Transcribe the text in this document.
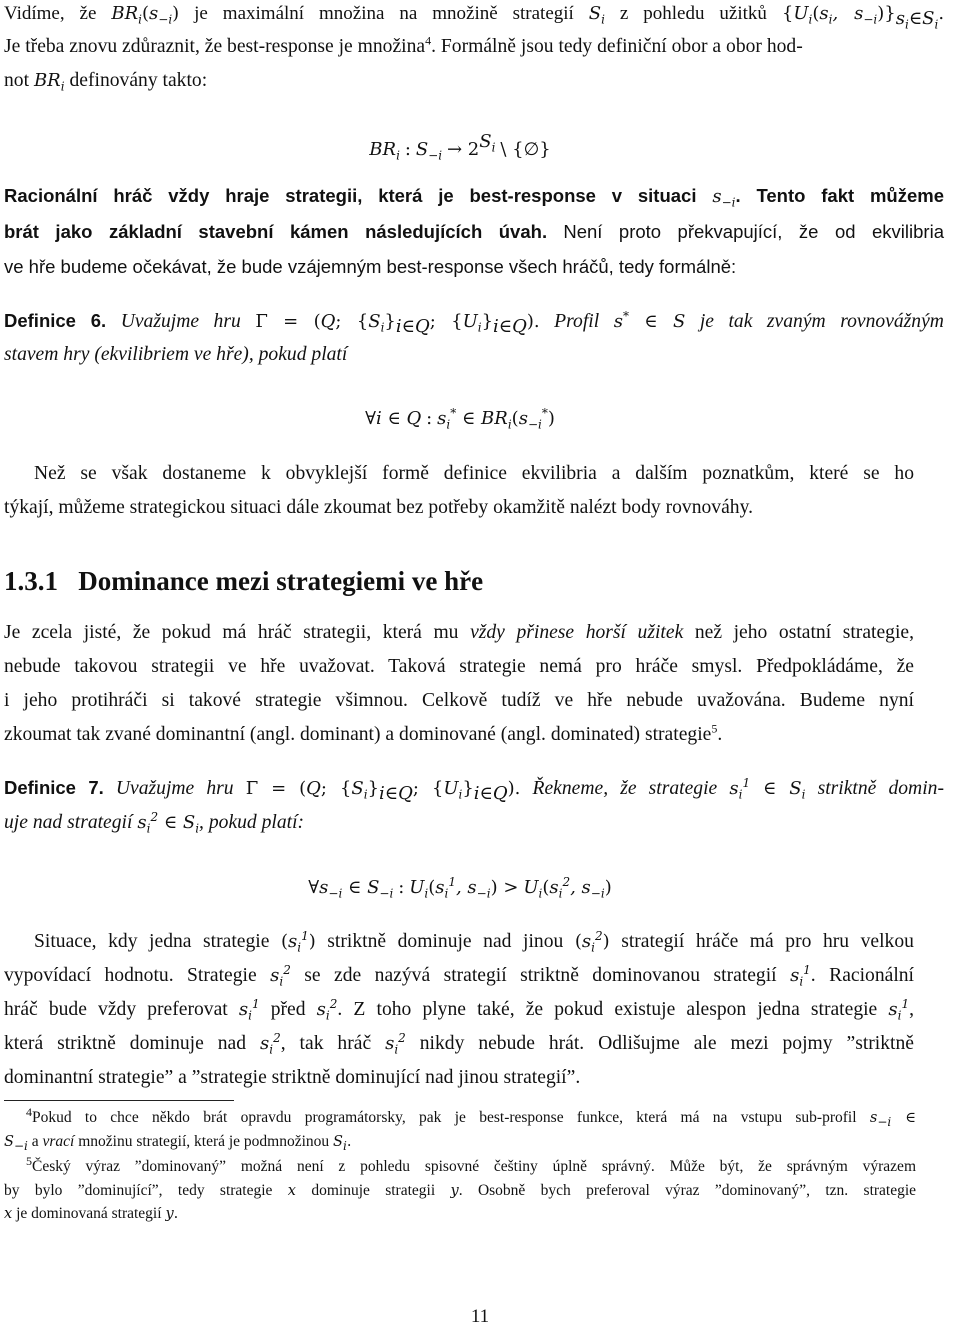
Vidíme, že $BR_i(s_{-i})$ je maximální množina na množině strategií $S_i$ z pohledu užitků {$U_i(s_i$, $s_{-i})\}_{s_i\in S_i}$.
Je třeba znovu zdůraznit, že best-response je množina$^4$. Formálně jsou tedy definiční obor a obor hod-
not $BR_i$ definovány takto:
$BR_i$ : $S_{-i} \to 2^{S_i}$ \ {∅}
Racionální hráč vždy hraje strategii, která je best-response v situaci $s_{-i}$. Tento fakt můžeme
brát jako základní stavební kámen následujících úvah. Není proto překvapující, že od ekvilibria
ve hře budeme očekávat, že bude vzájemným best-response všech hráčů, tedy formálně:
Definice 6. Uvažujme hru Γ = (Q; $\{S_i\}_{i\in Q}$; $\{U_i\}_{i\in Q}$). Profil s* ∈ S je tak zvaným rovnovážným
stavem hry (ekvilibriem ve hře), pokud platí
∀i ∈ Q : $s_i^*$ ∈ $BR_i(s_{-i}^*)$
Než se však dostaneme k obvyklejší formě definice ekvilibria a dalším poznatkům, které se ho
týkají, můžeme strategickou situaci dále zkoumat bez potřeby okamžitě nalézt body rovnováhy.
1.3.1 Dominance mezi strategiemi ve hře
Je zcela jisté, že pokud má hráč strategii, která mu vždy přinese horší užitek než jeho ostatní strategie,
nebude takovou strategii ve hře uvažovat. Taková strategie nemá pro hráče smysl. Předpokládáme, že
i jeho protihráči si takové strategie všimnou. Celkově tudíž ve hře nebude uvažována. Budeme nyní
zkoumat tak zvané dominantní (angl. dominant) a dominované (angl. dominated) strategie$^5$.
Definice 7. Uvažujme hru Γ = (Q; $\{S_i\}_{i\in Q}$; $\{U_i\}_{i\in Q}$). Řekneme, že strategie $s_i^1$ ∈ $S_i$ striktně domin-
uje nad strategií $s_i^2$ ∈ $S_i$, pokud platí:
$\forall s_{-i}$ ∈ $S_{-i}$ : $U_i(s_i^1$, $s_{-i}) > U_i(s_i^2$, $s_{-i}$)
Situace, kdy jedna strategie $(s_i^1)$ striktně dominuje nad jinou $(s_i^2)$ strategií hráče má pro hru velkou
vypovídací hodnotu. Strategie $s_i^2$ se zde nazývá strategií striktně dominovanou strategií $s_i^1$. Racionální
hráč bude vždy preferovat $s_i^1$ před $s_i^2$. Z toho plyne také, že pokud existuje alespon jedna strategie $s_i^1$,
která striktně dominuje nad $s_i^2$, tak hráč $s_i^2$ nikdy nebude hrát. Odlišujme ale mezi pojmy ”striktně
dominantní strategie” a ”strategie striktně dominující nad jinou strategií”.
$^4$Pokud to chce někdo brát opravdu programátorsky, pak je best-response funkce, která má na vstupu sub-profil $s_{-i}$ ∈
$S_{-i}$ a vrací množinu strategií, která je podmnožinou $S_i$.
$^5$Český výraz ”dominovaný” možná není z pohledu spisovné češtiny úplně správný. Může být, že správným výrazem
by bylo ”dominující”, tedy strategie x dominuje strategii y. Osobně bych preferoval výraz ”dominovaný”, tzn. strategie
x je dominovaná strategií y.
11
